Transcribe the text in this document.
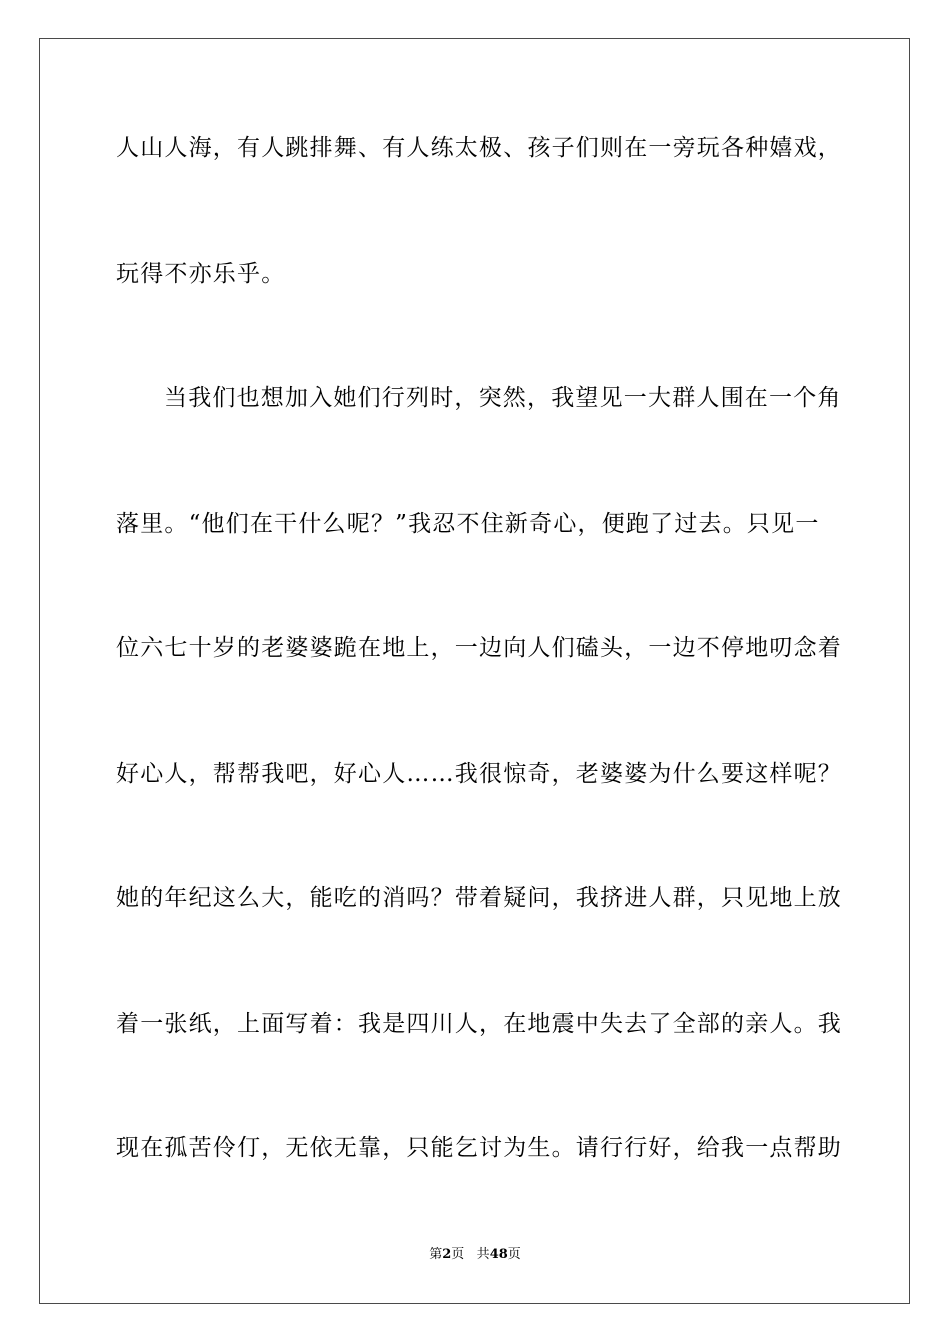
人山人海，有人跳排舞、有人练太极、孩子们则在一旁玩各种嬉戏，
玩得不亦乐乎。
当我们也想加入她们行列时，突然，我望见一大群人围在一个角
落里。“他们在干什么呢？”我忍不住新奇心，便跑了过去。只见一
位六七十岁的老婆婆跪在地上，一边向人们磕头，一边不停地叨念着
好心人，帮帮我吧，好心人……我很惊奇，老婆婆为什么要这样呢？
她的年纪这么大，能吃的消吗？带着疑问，我挤进人群，只见地上放
着一张纸，上面写着：我是四川人，在地震中失去了全部的亲人。我
现在孤苦伶仃，无依无靠，只能乞讨为生。请行行好，给我一点帮助
第2页 共48页
